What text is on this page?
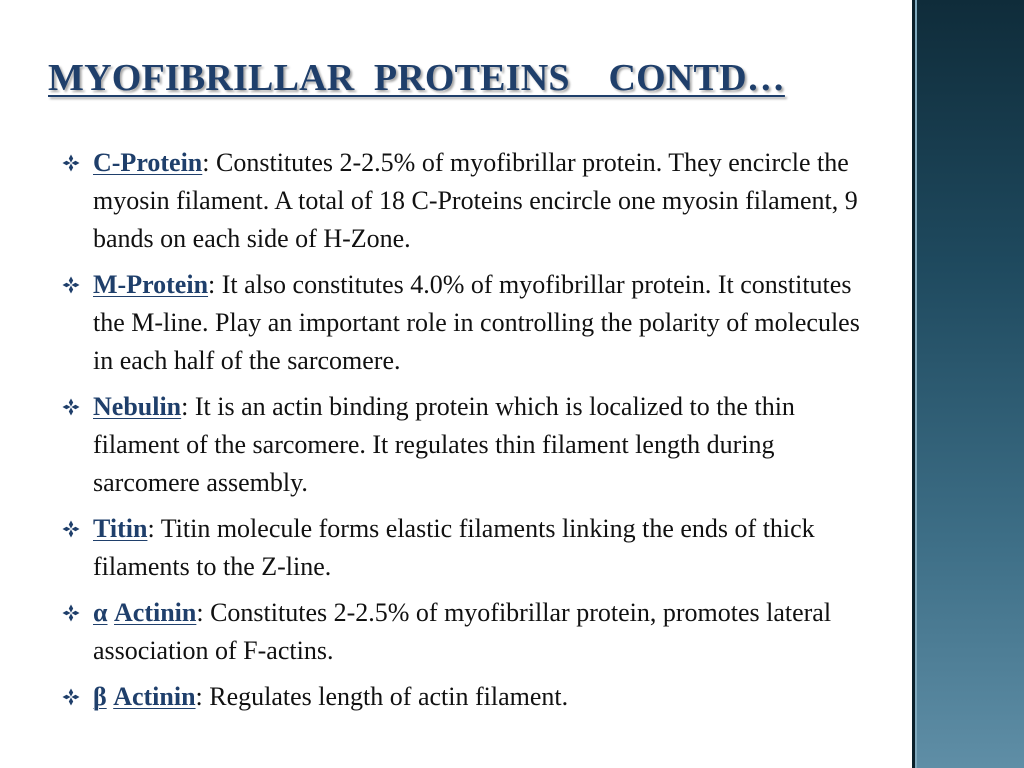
MYOFIBRILLAR  PROTEINS    CONTD…
C-Protein: Constitutes 2-2.5% of myofibrillar protein. They encircle the myosin filament. A total of 18 C-Proteins encircle one myosin filament, 9 bands on each side of H-Zone.
M-Protein: It also constitutes 4.0% of myofibrillar protein. It constitutes the M-line. Play an important role in controlling the polarity of molecules in each half of the sarcomere.
Nebulin: It is an actin binding protein which is localized to the thin filament of the sarcomere. It regulates thin filament length during sarcomere assembly.
Titin: Titin molecule forms elastic filaments linking the ends of thick filaments to the Z-line.
α Actinin: Constitutes 2-2.5% of myofibrillar protein, promotes lateral association of F-actins.
β Actinin: Regulates length of actin filament.
